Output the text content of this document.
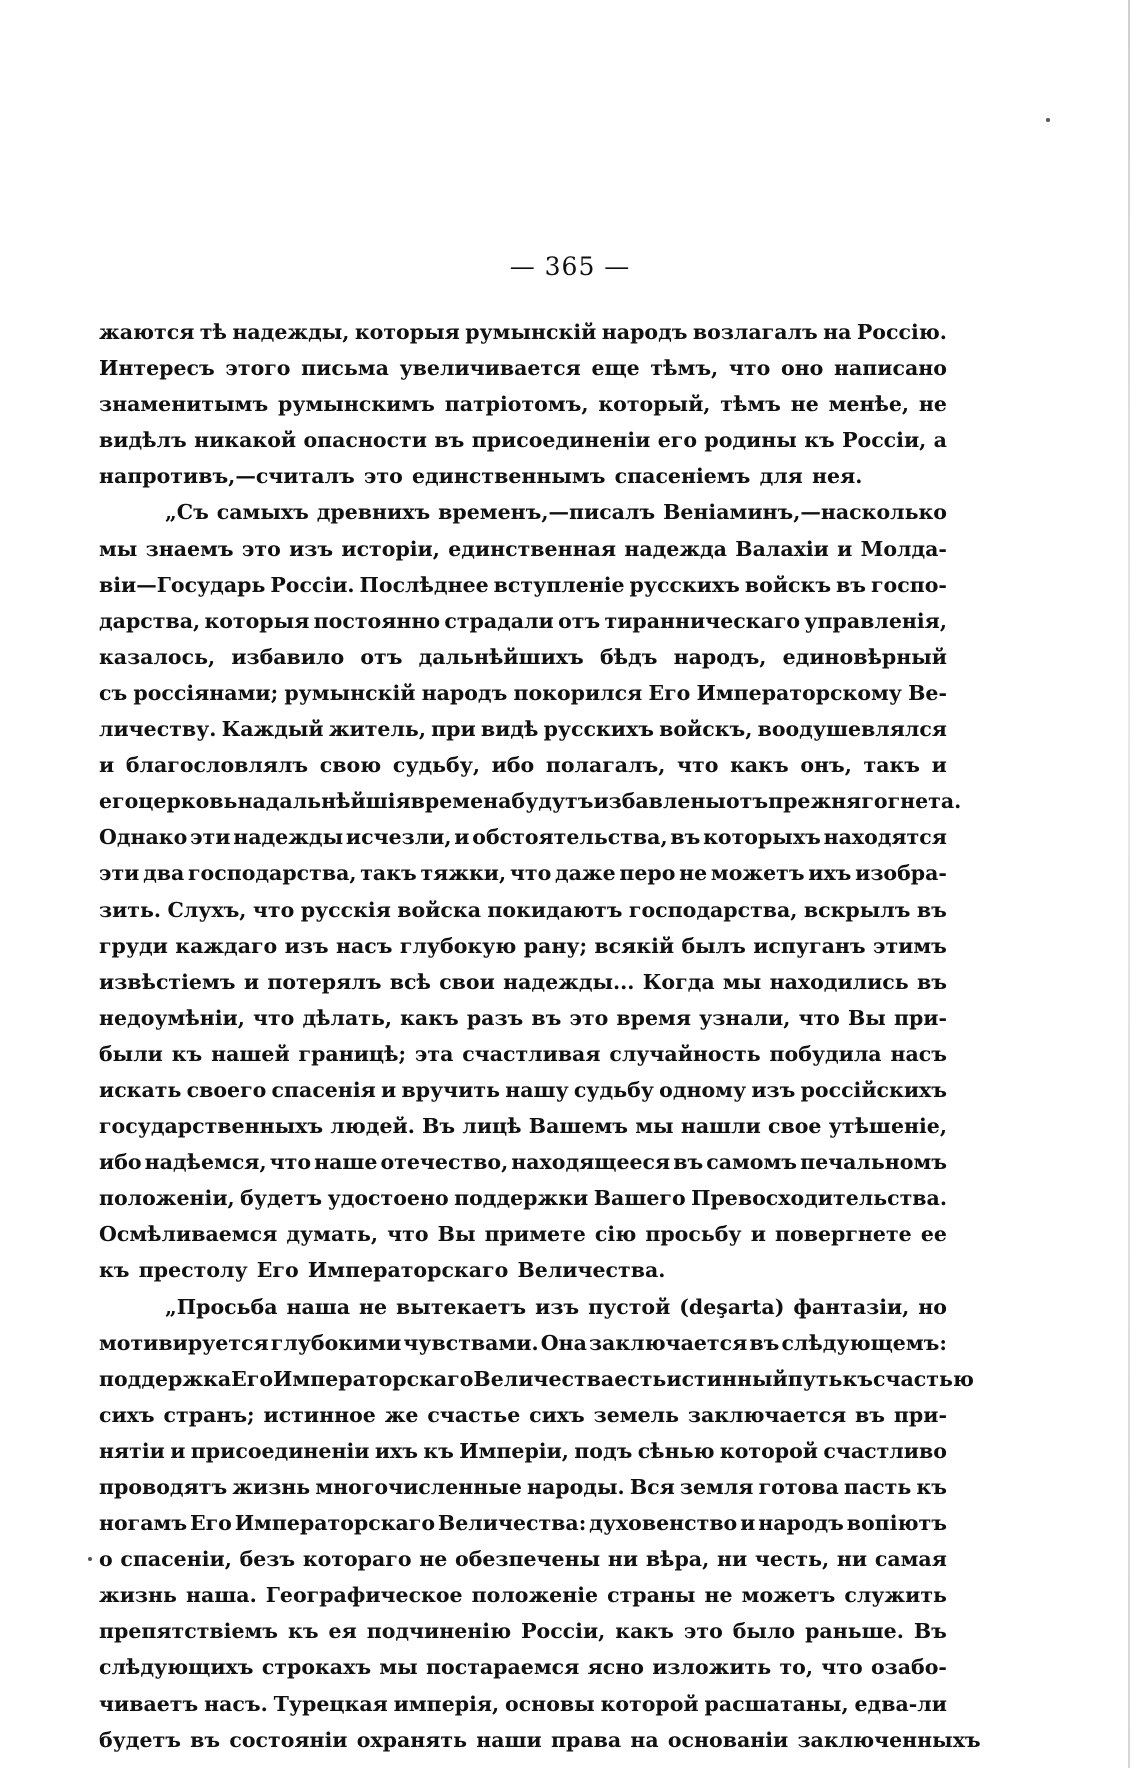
— 365 —
жаются тѣ надежды, которыя румынскій народъ возлагалъ на Россію.
Интересъ этого письма увеличивается еще тѣмъ, что оно написано
знаменитымъ румынскимъ патріотомъ, который, тѣмъ не менѣе, не
видѣлъ никакой опасности въ присоединеніи его родины къ Россіи, а
напротивъ,—считалъ это единственнымъ спасеніемъ для нея.
„Съ самыхъ древнихъ временъ,—писалъ Веніаминъ,—насколько
мы знаемъ это изъ исторіи, единственная надежда Валахіи и Молда-
віи—Государь Россіи. Послѣднее вступленіе русскихъ войскъ въ госпо-
дарства, которыя постоянно страдали отъ тиранническаго управленія,
казалось, избавило отъ дальнѣйшихъ бѣдъ народъ, единовѣрный
съ россіянами; румынскій народъ покорился Его Императорскому Ве-
личеству. Каждый житель, при видѣ русскихъ войскъ, воодушевлялся
и благословлялъ свою судьбу, ибо полагалъ, что какъ онъ, такъ и
его церковь на дальнѣйшія времена будутъ избавлены отъ прежняго гнета.
Однако эти надежды исчезли, и обстоятельства, въ которыхъ находятся
эти два господарства, такъ тяжки, что даже перо не можетъ ихъ изобра-
зить. Слухъ, что русскія войска покидаютъ господарства, вскрылъ въ
груди каждаго изъ насъ глубокую рану; всякій былъ испуганъ этимъ
извѣстіемъ и потерялъ всѣ свои надежды... Когда мы находились въ
недоумѣніи, что дѣлать, какъ разъ въ это время узнали, что Вы при-
были къ нашей границѣ; эта счастливая случайность побудила насъ
искать своего спасенія и вручить нашу судьбу одному изъ россійскихъ
государственныхъ людей. Въ лицѣ Вашемъ мы нашли свое утѣшеніе,
ибо надѣемся, что наше отечество, находящееся въ самомъ печальномъ
положеніи, будетъ удостоено поддержки Вашего Превосходительства.
Осмѣливаемся думать, что Вы примете сію просьбу и повергнете ее
къ престолу Его Императорскаго Величества.
„Просьба наша не вытекаетъ изъ пустой (deşarta) фантазіи, но
мотивируется глубокими чувствами. Она заключается въ слѣдующемъ:
поддержка Его Императорскаго Величества есть истинный путь къ счастью
сихъ странъ; истинное же счастье сихъ земель заключается въ при-
нятіи и присоединеніи ихъ къ Имперіи, подъ сѣнью которой счастливо
проводятъ жизнь многочисленные народы. Вся земля готова пасть къ
ногамъ Его Императорскаго Величества: духовенство и народъ вопіютъ
о спасеніи, безъ котораго не обезпечены ни вѣра, ни честь, ни самая
жизнь наша. Географическое положеніе страны не можетъ служить
препятствіемъ къ ея подчиненію Россіи, какъ это было раньше. Въ
слѣдующихъ строкахъ мы постараемся ясно изложить то, что озабо-
чиваетъ насъ. Турецкая имперія, основы которой расшатаны, едва-ли
будетъ въ состояніи охранять наши права на основаніи заключенныхъ
